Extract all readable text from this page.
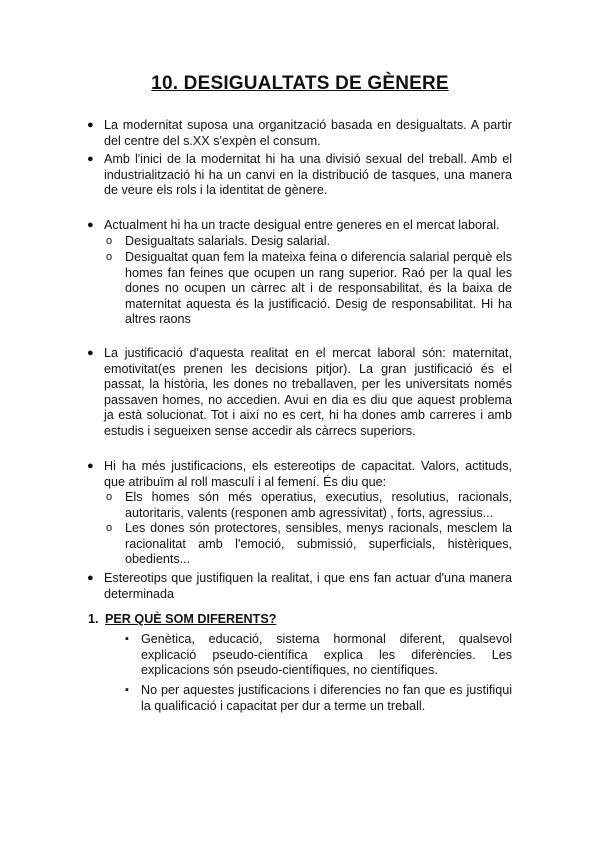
10. DESIGUALTATS DE GÈNERE
● La modernitat suposa una organització basada en desigualtats. A partir del centre del s.XX s'expèn el consum.
● Amb l'inici de la modernitat hi ha una divisió sexual del treball. Amb el industrialització hi ha un canvi en la distribució de tasques, una manera de veure els rols i la identitat de gènere.
● Actualment hi ha un tracte desigual entre generes en el mercat laboral.
o Desigualtats salarials. Desig salarial.
o Desigualtat quan fem la mateixa feina o diferencia salarial perquè els homes fan feines que ocupen un rang superior. Raó per la qual les dones no ocupen un càrrec alt i de responsabilitat, és la baixa de maternitat aquesta és la justificació. Desig de responsabilitat. Hi ha altres raons
● La justificació d'aquesta realitat en el mercat laboral són: maternitat, emotivitat(es prenen les decisions pitjor). La gran justificació és el passat, la història, les dones no treballaven, per les universitats només passaven homes, no accedien. Avui en dia es diu que aquest problema ja està solucionat. Tot i així no es cert, hi ha dones amb carreres i amb estudis i segueixen sense accedir als càrrecs superiors.
● Hi ha més justificacions, els estereotips de capacitat. Valors, actituds, que atribuïm al roll masculí i al femení. És diu que:
o Els homes són més operatius, executius, resolutius, racionals, autoritaris, valents (responen amb agressivitat) , forts, agressius...
o Les dones són protectores, sensibles, menys racionals, mesclem la racionalitat amb l'emoció, submissió, superficials, histèriques, obedients...
● Estereotips que justifiquen la realitat, i que ens fan actuar d'una manera determinada
1. PER QUÈ SOM DIFERENTS?
▪ Genètica, educació, sistema hormonal diferent, qualsevol explicació pseudo-científica explica les diferències. Les explicacions són pseudo-científiques, no científiques.
▪ No per aquestes justificacions i diferencies no fan que es justifiqui la qualificació i capacitat per dur a terme un treball.
